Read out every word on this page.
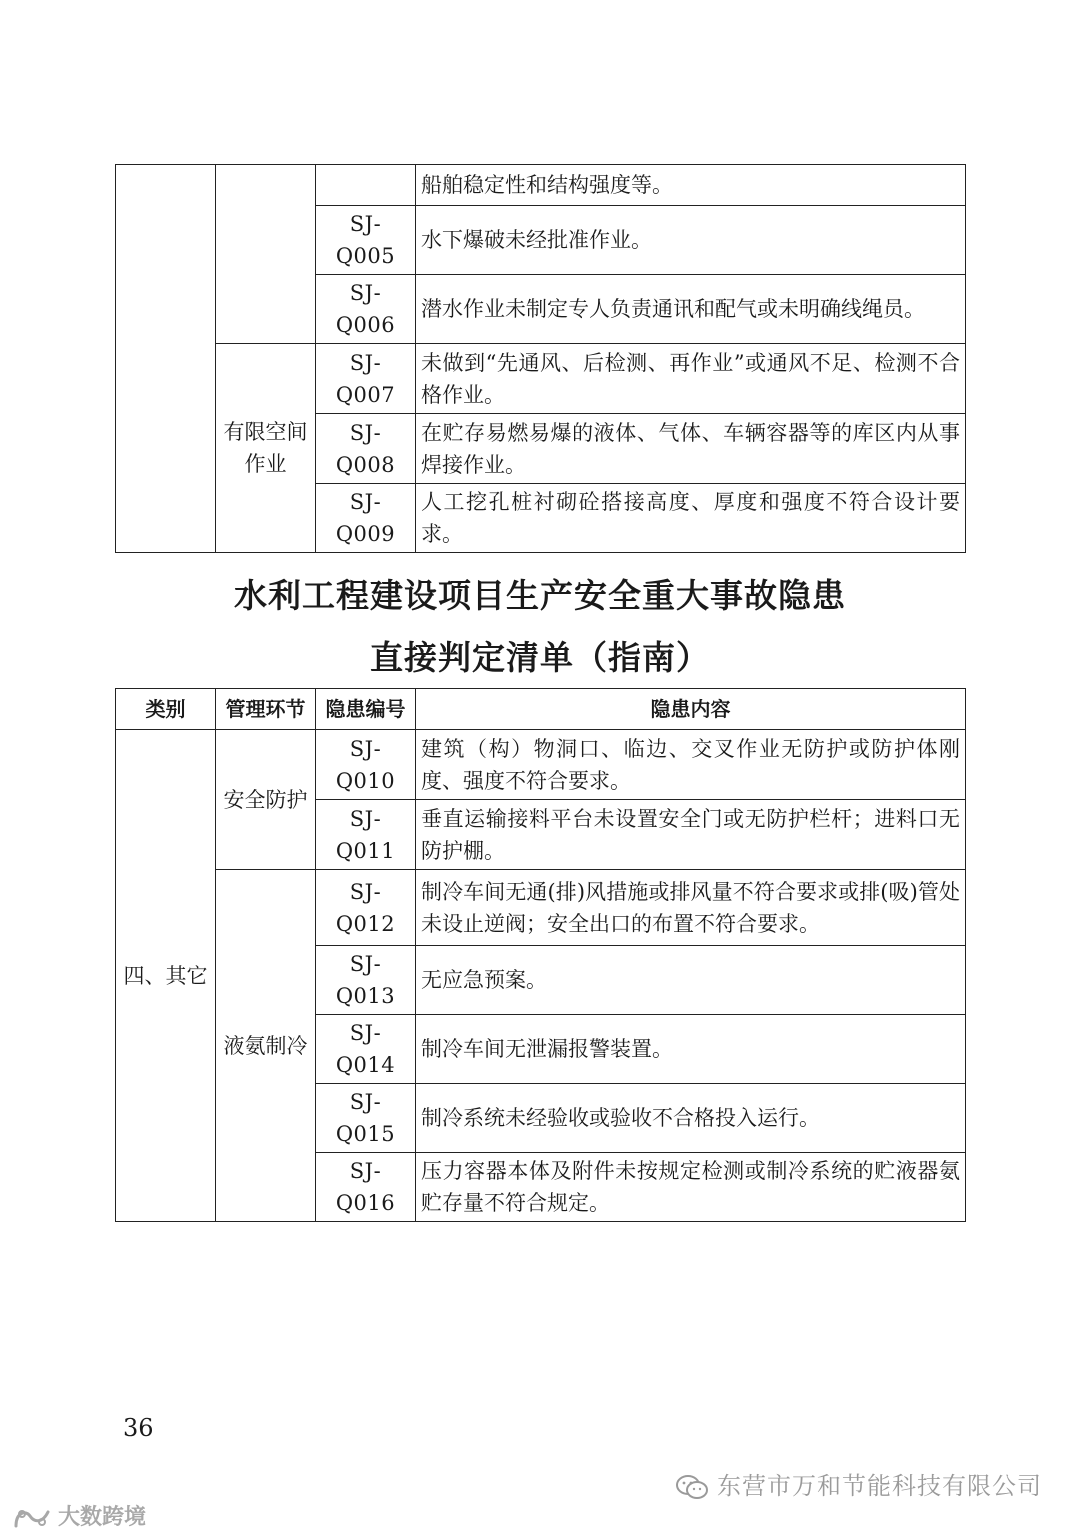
			船舶稳定性和结构强度等。
		SJ-Q005	水下爆破未经批准作业。
		SJ-Q006	潜水作业未制定专人负责通讯和配气或未明确线绳员。
	有限空间作业	SJ-Q007	未做到“先通风、后检测、再作业”或通风不足、检测不合格作业。
		SJ-Q008	在贮存易燃易爆的液体、气体、车辆容器等的库区内从事焊接作业。
		SJ-Q009	人工挖孔桩衬砌砼搭接高度、厚度和强度不符合设计要求。
水利工程建设项目生产安全重大事故隐患
直接判定清单（指南）
类别	管理环节	隐患编号	隐患内容
四、其它	安全防护	SJ-Q010	建筑（构）物洞口、临边、交叉作业无防护或防护体刚度、强度不符合要求。
		SJ-Q011	垂直运输接料平台未设置安全门或无防护栏杆；进料口无防护棚。
	液氨制冷	SJ-Q012	制冷车间无通(排)风措施或排风量不符合要求或排(吸)管处未设止逆阀；安全出口的布置不符合要求。
		SJ-Q013	无应急预案。
		SJ-Q014	制冷车间无泄漏报警装置。
		SJ-Q015	制冷系统未经验收或验收不合格投入运行。
		SJ-Q016	压力容器本体及附件未按规定检测或制冷系统的贮液器氨贮存量不符合规定。
36
东营市万和节能科技有限公司
大数跨境
